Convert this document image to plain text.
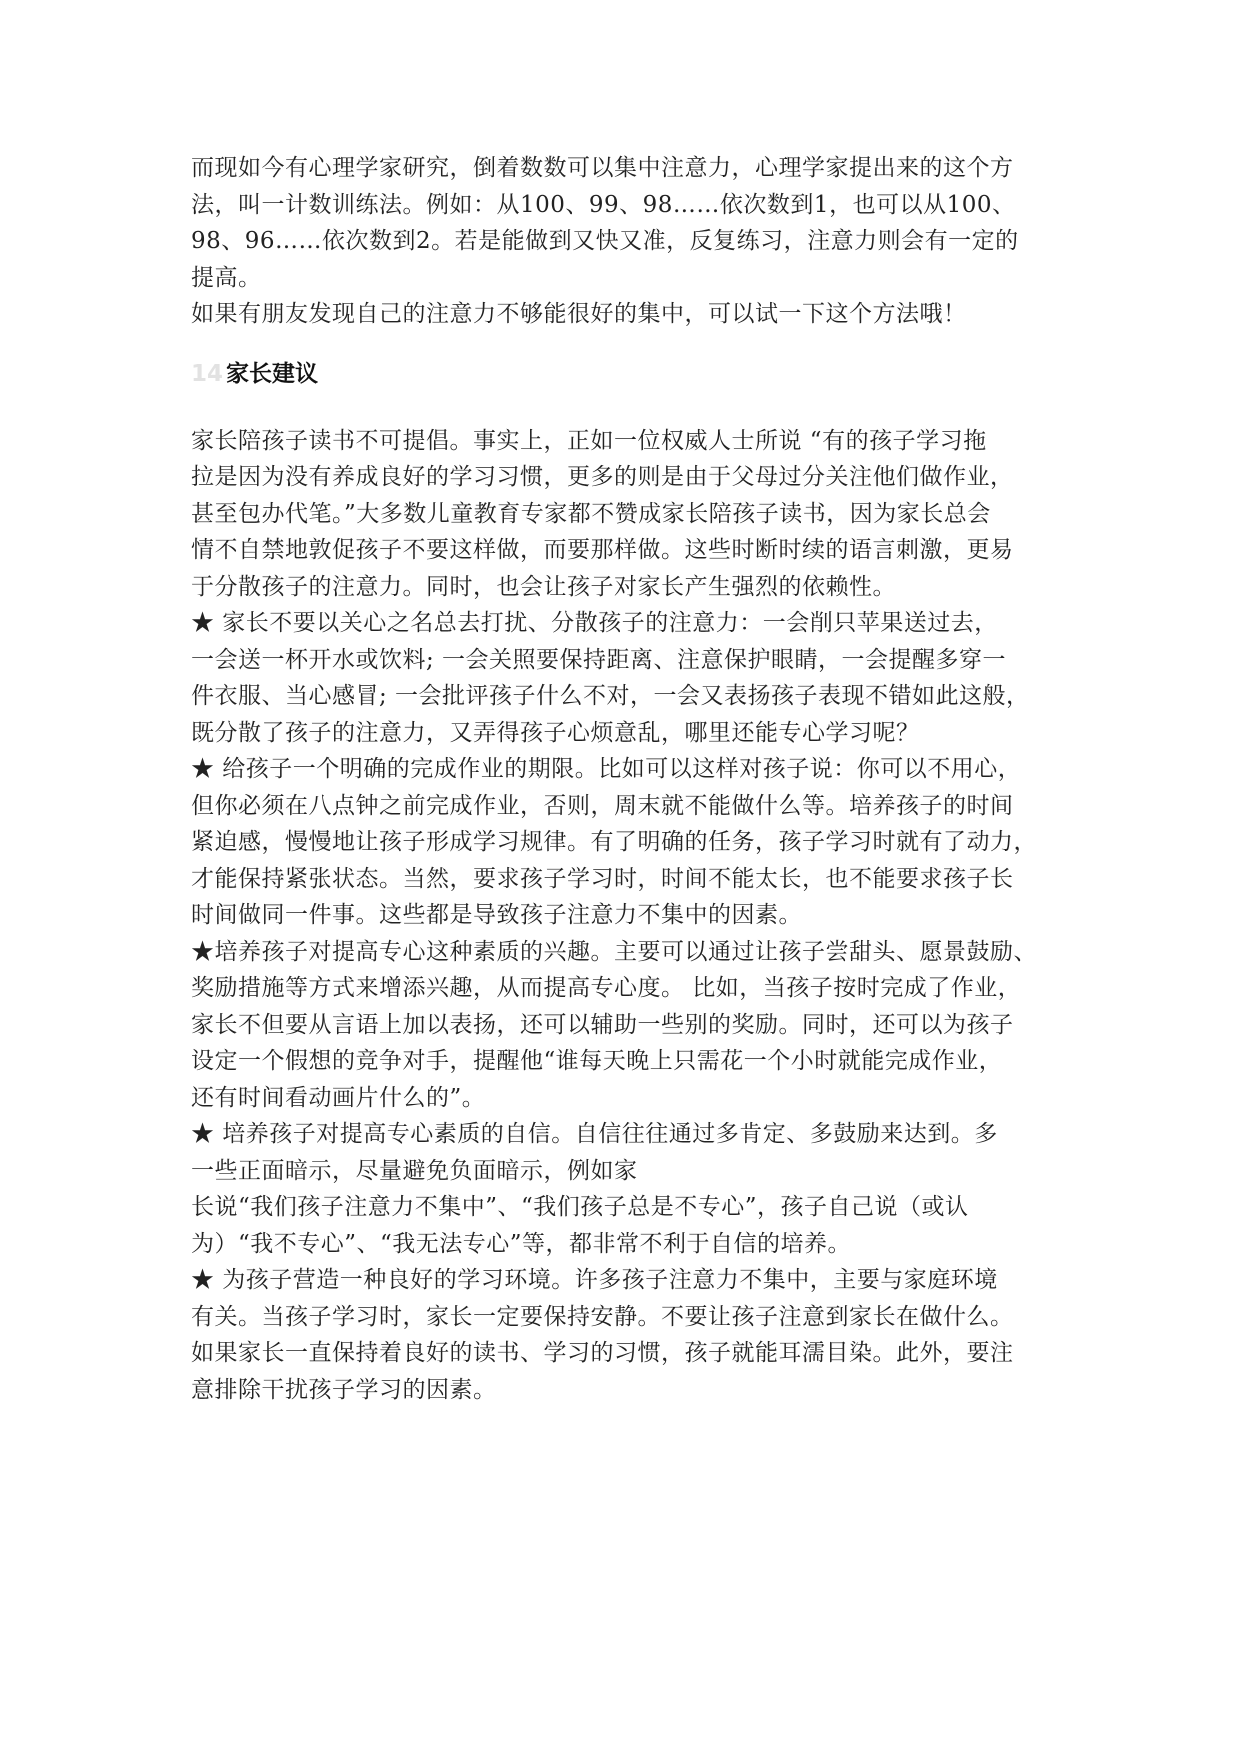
而现如今有心理学家研究，倒着数数可以集中注意力，心理学家提出来的这个方
法，叫一计数训练法。例如：从100、99、98……依次数到1，也可以从100、
98、96……依次数到2。若是能做到又快又准，反复练习，注意力则会有一定的
提高。

如果有朋友发现自己的注意力不够能很好的集中，可以试一下这个方法哦！

14 家长建议

家长陪孩子读书不可提倡。事实上，正如一位权威人士所说 “有的孩子学习拖
拉是因为没有养成良好的学习习惯，更多的则是由于父母过分关注他们做作业，
甚至包办代笔。”大多数儿童教育专家都不赞成家长陪孩子读书，因为家长总会
情不自禁地敦促孩子不要这样做，而要那样做。这些时断时续的语言刺激，更易
于分散孩子的注意力。同时，也会让孩子对家长产生强烈的依赖性。

★ 家长不要以关心之名总去打扰、分散孩子的注意力：一会削只苹果送过去，
一会送一杯开水或饮料; 一会关照要保持距离、注意保护眼睛，一会提醒多穿一
件衣服、当心感冒; 一会批评孩子什么不对，一会又表扬孩子表现不错如此这般，
既分散了孩子的注意力，又弄得孩子心烦意乱，哪里还能专心学习呢？

★ 给孩子一个明确的完成作业的期限。比如可以这样对孩子说：你可以不用心，
但你必须在八点钟之前完成作业，否则，周末就不能做什么等。培养孩子的时间
紧迫感，慢慢地让孩子形成学习规律。有了明确的任务，孩子学习时就有了动力，
才能保持紧张状态。当然，要求孩子学习时，时间不能太长，也不能要求孩子长
时间做同一件事。这些都是导致孩子注意力不集中的因素。

★培养孩子对提高专心这种素质的兴趣。主要可以通过让孩子尝甜头、愿景鼓励、
奖励措施等方式来增添兴趣，从而提高专心度。 比如，当孩子按时完成了作业，
家长不但要从言语上加以表扬，还可以辅助一些别的奖励。同时，还可以为孩子
设定一个假想的竞争对手，提醒他“谁每天晚上只需花一个小时就能完成作业，
还有时间看动画片什么的”。

★ 培养孩子对提高专心素质的自信。自信往往通过多肯定、多鼓励来达到。多
一些正面暗示，尽量避免负面暗示，例如家
长说“我们孩子注意力不集中”、“我们孩子总是不专心”，孩子自己说（或认
为）“我不专心”、“我无法专心”等，都非常不利于自信的培养。

★ 为孩子营造一种良好的学习环境。许多孩子注意力不集中，主要与家庭环境
有关。当孩子学习时，家长一定要保持安静。不要让孩子注意到家长在做什么。
如果家长一直保持着良好的读书、学习的习惯，孩子就能耳濡目染。此外，要注
意排除干扰孩子学习的因素。
